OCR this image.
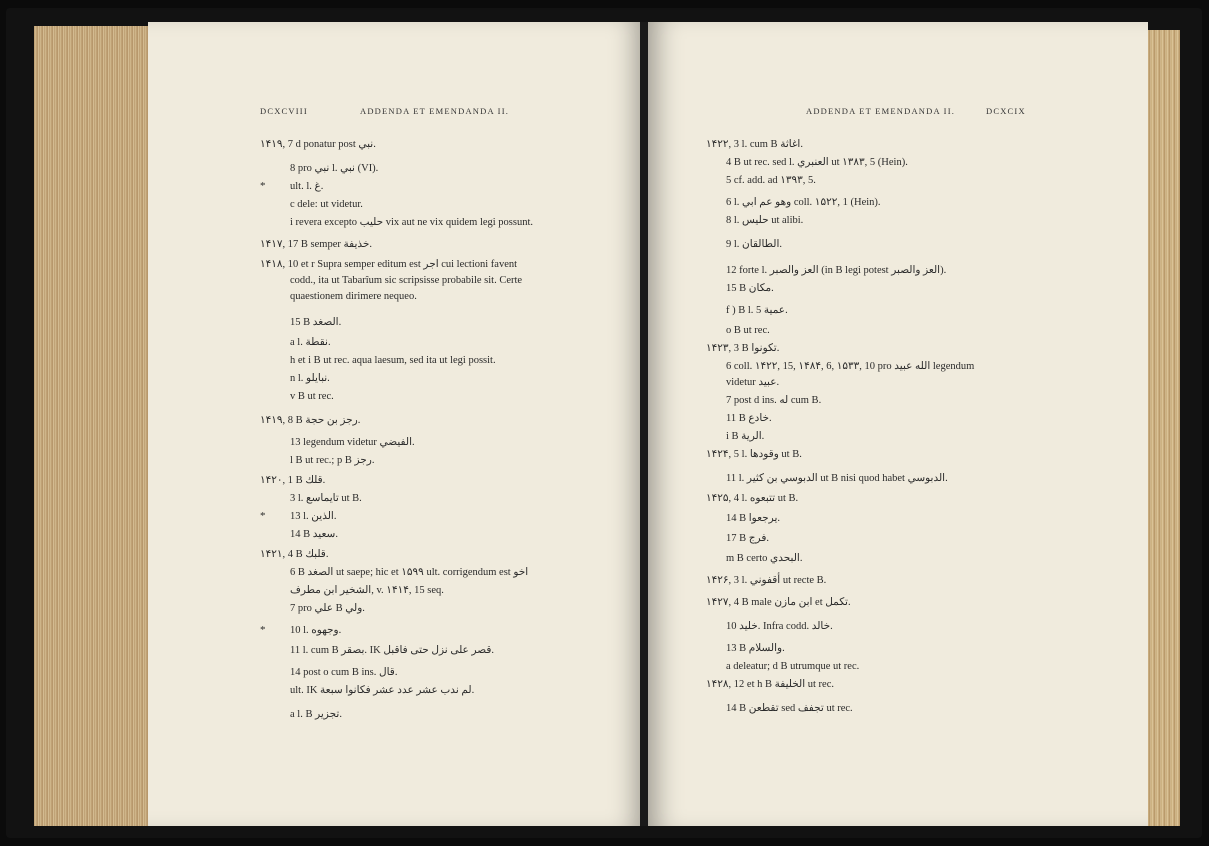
DCXCVIII	ADDENDA ET EMENDANDA II.
۱۴۱۹, 7 d ponatur post نبي.
8 pro نبي l. نبي (VI).
ult. l. غ.
c dele: ut videtur.
i revera excepto حليب vix aut ne vix quidem legi possunt.
۱۴۱۷, 17 B semper خذيفة.
۱۴۱۸, 10 et r Supra semper editum est اجر cui lectioni favent
codd., ita ut Tabarîum sic scripsisse probabile sit. Certe
quaestionem dirimere nequeo.
15 B الصغد.
a l. نقطة.
h et i B ut rec. aqua laesum, sed ita ut legi possit.
n l. نبايلو.
v B ut rec.
۱۴۱۹, 8 B رجز بن حجة.
13 legendum videtur الفيضي.
l B ut rec.; p B رجز.
۱۴۲۰, 1 B قلك.
3 l. تايماسع ut B.
13 l. الذين.
14 B سعيد.
۱۴۲۱, 4 B قلبك.
6 B الصغد ut saepe; hic et ۱۵۹۹ ult. corrigendum est اخو
الشخير ابن مطرف, v. ۱۴۱۴, 15 seq.
7 pro علي B ولي.
10 l. وجهوه.
11 l. cum B بصقر. IK قصر على نزل حتى فاقبل.
14 post o cum B ins. قال.
ult. IK لم ندب عشر عدد عشر فكانوا سبعة.
a l. B تجزير.
*
*
*
ADDENDA ET EMENDANDA II.	DCXCIX
۱۴۲۲, 3 l. cum B اغاثة.
4 B ut rec. sed l. العنبري ut ۱۳۸۳, 5 (Hein).
5 cf. add. ad ۱۳۹۳, 5.
6 l. وهو عم ابي coll. ۱۵۲۲, 1 (Hein).
8 l. حليس ut alibi.
9 l. الطالقان.
12 forte l. العز والصبر (in B legi potest العز والصبر).
15 B مكان.
f ) B l. 5 عمية.
o B ut rec.
۱۴۲۳, 3 B تكونوا.
6 coll. ۱۴۲۲, 15, ۱۴۸۴, 6, ۱۵۳۳, 10 pro الله عبيد legendum
videtur عبيد.
7 post d ins. له cum B.
11 B خادع.
i B الرية.
۱۴۲۴, 5 l. وقودها ut B.
11 l. الدبوسي بن كثير ut B nisi quod habet الدبوسي.
۱۴۲۵, 4 l. تتبعوه ut B.
14 B يرجعوا.
17 B فرج.
m B certo البحدي.
۱۴۲۶, 3 l. أقفوني ut recte B.
۱۴۲۷, 4 B male ابن مازن et تكمل.
10 خليد. Infra codd. خالد.
13 B والسلام.
a deleatur; d B utrumque ut rec.
۱۴۲۸, 12 et h B الخليفة ut rec.
14 B تقطعن sed تجفف ut rec.
